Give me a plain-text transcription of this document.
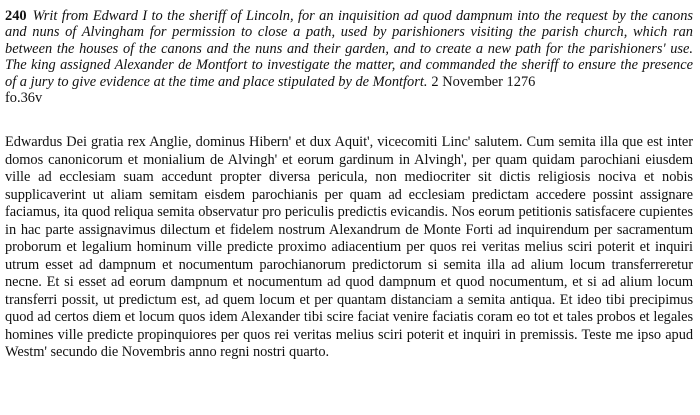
240 Writ from Edward I to the sheriff of Lincoln, for an inquisition ad quod dampnum into the request by the canons and nuns of Alvingham for permission to close a path, used by parishioners visiting the parish church, which ran between the houses of the canons and the nuns and their garden, and to create a new path for the parishioners' use. The king assigned Alexander de Montfort to investigate the matter, and commanded the sheriff to ensure the presence of a jury to give evidence at the time and place stipulated by de Montfort. 2 November 1276

fo.36v

Edwardus Dei gratia rex Anglie, dominus Hibern' et dux Aquit', vicecomiti Linc' salutem. Cum semita illa que est inter domos canonicorum et monialium de Alvingh' et eorum gardinum in Alvingh', per quam quidam parochiani eiusdem ville ad ecclesiam suam accedunt propter diversa pericula, non mediocriter sit dictis religiosis nociva et nobis supplicaverint ut aliam semitam eisdem parochianis per quam ad ecclesiam predictam accedere possint assignare faciamus, ita quod reliqua semita observatur pro periculis predictis evicandis. Nos eorum petitionis satisfacere cupientes in hac parte assignavimus dilectum et fidelem nostrum Alexandrum de Monte Forti ad inquirendum per sacramentum proborum et legalium hominum ville predicte proximo adiacentium per quos rei veritas melius sciri poterit et inquiri utrum esset ad dampnum et nocumentum parochianorum predictorum si semita illa ad alium locum transferreretur necne. Et si esset ad eorum dampnum et nocumentum ad quod dampnum et quod nocumentum, et si ad alium locum transferri possit, ut predictum est, ad quem locum et per quantam distanciam a semita antiqua. Et ideo tibi precipimus quod ad certos diem et locum quos idem Alexander tibi scire faciat venire faciatis coram eo tot et tales probos et legales homines ville predicte propinquiores per quos rei veritas melius sciri poterit et inquiri in premissis. Teste me ipso apud Westm' secundo die Novembris anno regni nostri quarto.
